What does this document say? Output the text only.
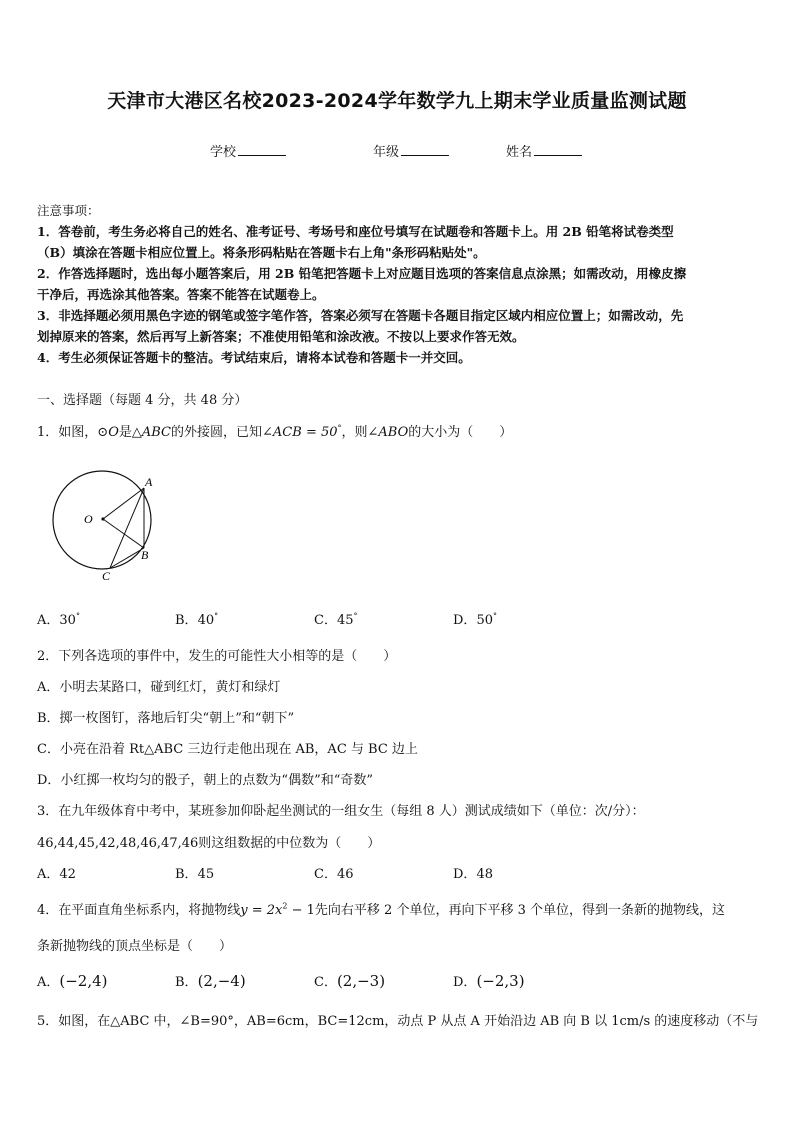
天津市大港区名校2023-2024学年数学九上期末学业质量监测试题
学校	年级	姓名
注意事项：
1．答卷前，考生务必将自己的姓名、准考证号、考场号和座位号填写在试题卷和答题卡上。用 2B 铅笔将试卷类型
（B）填涂在答题卡相应位置上。将条形码粘贴在答题卡右上角"条形码粘贴处"。
2．作答选择题时，选出每小题答案后，用 2B 铅笔把答题卡上对应题目选项的答案信息点涂黑；如需改动，用橡皮擦
干净后，再选涂其他答案。答案不能答在试题卷上。
3．非选择题必须用黑色字迹的钢笔或签字笔作答，答案必须写在答题卡各题目指定区域内相应位置上；如需改动，先
划掉原来的答案，然后再写上新答案；不准使用铅笔和涂改液。不按以上要求作答无效。
4．考生必须保证答题卡的整洁。考试结束后，请将本试卷和答题卡一并交回。
一、选择题（每题 4 分，共 48 分）
1．如图，⊙O是△ABC的外接圆，已知∠ACB = 50°，则∠ABO的大小为（　　）
O
A
B
C
A．30°	B．40°	C．45°	D．50°
2．下列各选项的事件中，发生的可能性大小相等的是（　　）
A．小明去某路口，碰到红灯，黄灯和绿灯
B．掷一枚图钉，落地后钉尖“朝上”和“朝下”
C．小亮在沿着 Rt△ABC 三边行走他出现在 AB，AC 与 BC 边上
D．小红掷一枚均匀的骰子，朝上的点数为“偶数”和“奇数”
3．在九年级体育中考中，某班参加仰卧起坐测试的一组女生（每组 8 人）测试成绩如下（单位：次/分）：
46,44,45,42,48,46,47,46则这组数据的中位数为（　　）
A．42	B．45	C．46	D．48
4．在平面直角坐标系内，将抛物线$y = 2x^2 - 1$先向右平移 2 个单位，再向下平移 3 个单位，得到一条新的抛物线，这
条新抛物线的顶点坐标是（　　）
A．(−2,4)	B．(2,−4)	C．(2,−3)	D．(−2,3)
5．如图，在△ABC 中，∠B=90°，AB=6cm，BC=12cm，动点 P 从点 A 开始沿边 AB 向 B 以 1cm/s 的速度移动（不与
